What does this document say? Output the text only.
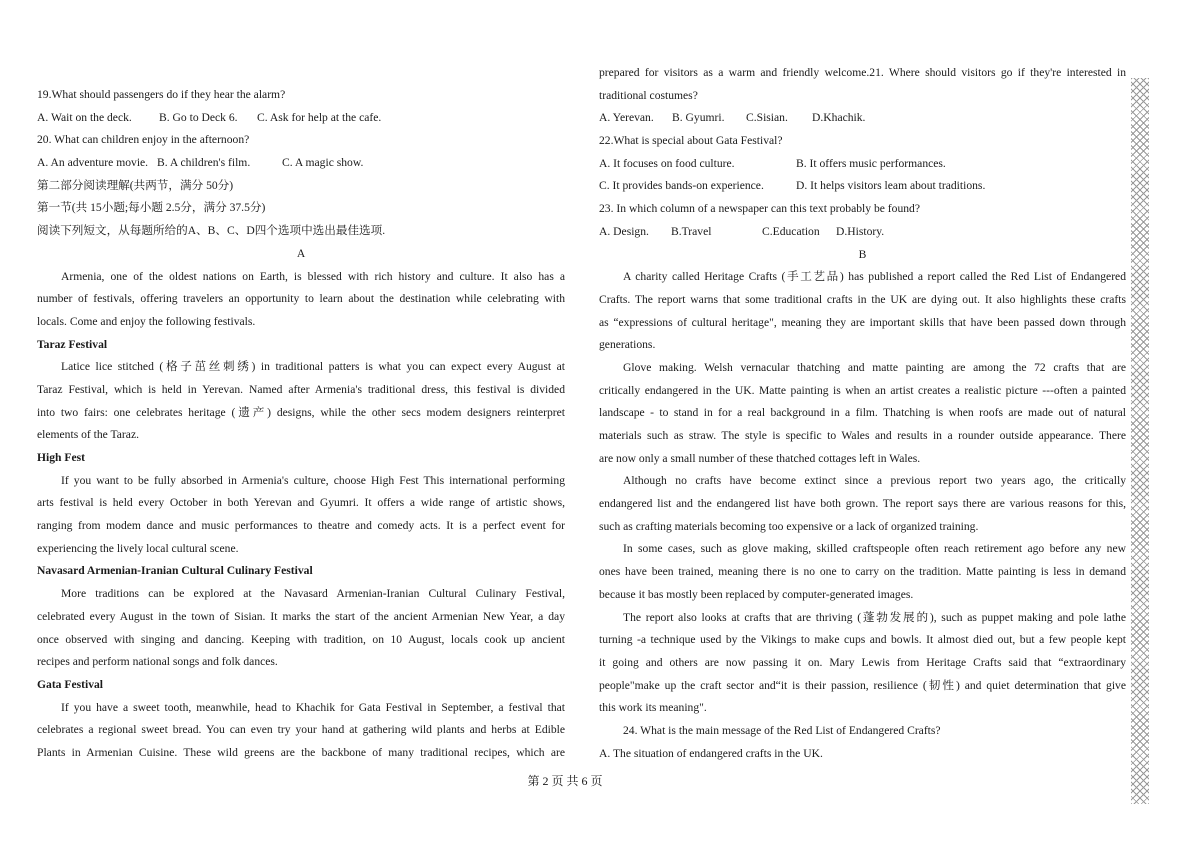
19.What should passengers do if they hear the alarm?
A. Wait on the deck. B. Go to Deck 6. C. Ask for help at the cafe.
20. What can children enjoy in the afternoon?
A. An adventure movie. B. A children's film.	C. A magic show.
第二部分阅读理解(共两节，满分 50分)
第一节(共 15小题;每小题 2.5分，满分 37.5分)
阅读下列短文，从每题所给的A、B、C、D四个选项中选出最佳选项.
A
Armenia, one of the oldest nations on Earth, is blessed with rich history and culture. It also has a
number of festivals, offering travelers an opportunity to learn about the destination while celebrating with
locals. Come and enjoy the following festivals.
Taraz Festival
Latice lice stitched (格子茁丝刺绣) in traditional patters is what you can expect every August at
Taraz Festival, which is held in Yerevan. Named after Armenia's traditional dress, this festival is divided
into two fairs: one celebrates heritage (遗产) designs, while the other secs modem designers reinterpret
elements of the Taraz.
High Fest
If you want to be fully absorbed in Armenia's culture, choose High Fest This international performing
arts festival is held every October in both Yerevan and Gyumri. It offers a wide range of artistic shows,
ranging from modem dance and music performances to theatre and comedy acts. It is a perfect event for
experiencing the lively local cultural scene.
Navasard Armenian-Iranian Cultural Culinary Festival
More traditions can be explored at the Navasard Armenian-Iranian Cultural Culinary Festival,
celebrated every August in the town of Sisian. It marks the start of the ancient Armenian New Year, a day
once observed with singing and dancing. Keeping with tradition, on 10 August, locals cook up ancient
recipes and perform national songs and folk dances.
Gata Festival
If you have a sweet tooth, meanwhile, head to Khachik for Gata Festival in September, a festival that
celebrates a regional sweet bread. You can even try your hand at gathering wild plants and herbs at Edible
Plants in Armenian Cuisine. These wild greens are the backbone of many traditional recipes, which are
prepared for visitors as a warm and friendly welcome.21. Where should visitors go if they're interested in
traditional costumes?
A. Yerevan. B. Gyumri. C.Sisian. D.Khachik.
22.What is special about Gata Festival?
A. It focuses on food culture.	B. It offers music performances.
C. It provides bands-on experience.	D. It helps visitors leam about traditions.
23. In which column of a newspaper can this text probably be found?
A. Design. B.Travel	C.Education D.History.
B
A charity called Heritage Crafts (手工艺品) has published a report called the Red List of Endangered
Crafts. The report warns that some traditional crafts in the UK are dying out. It also highlights these crafts
as “expressions of cultural heritage", meaning they are important skills that have been passed down through
generations.
Glove making. Welsh vernacular thatching and matte painting are among the 72 crafts that are
critically endangered in the UK. Matte painting is when an artist creates a realistic picture ---often a painted
landscape - to stand in for a real background in a film. Thatching is when roofs are made out of natural
materials such as straw. The style is specific to Wales and results in a rounder outside appearance. There
are now only a small number of these thatched cottages left in Wales.
Although no crafts have become extinct since a previous report two years ago, the critically
endangered list and the endangered list have both grown. The report says there are various reasons for this,
such as crafting materials becoming too expensive or a lack of organized training.
In some cases, such as glove making, skilled craftspeople often reach retirement ago before any new
ones have been trained, meaning there is no one to carry on the tradition. Matte painting is less in demand
because it bas mostly been replaced by computer-generated images.
The report also looks at crafts that are thriving (蓬勃发展的), such as puppet making and pole lathe
turning -a technique used by the Vikings to make cups and bowls. It almost died out, but a few people kept
it going and others are now passing it on. Mary Lewis from Heritage Crafts said that “extraordinary
people"make up the craft sector and“it is their passion, resilience (韧性) and quiet determination that give
this work its meaning".
24. What is the main message of the Red List of Endangered Crafts?
A. The situation of endangered crafts in the UK.
第 2 页 共 6 页
